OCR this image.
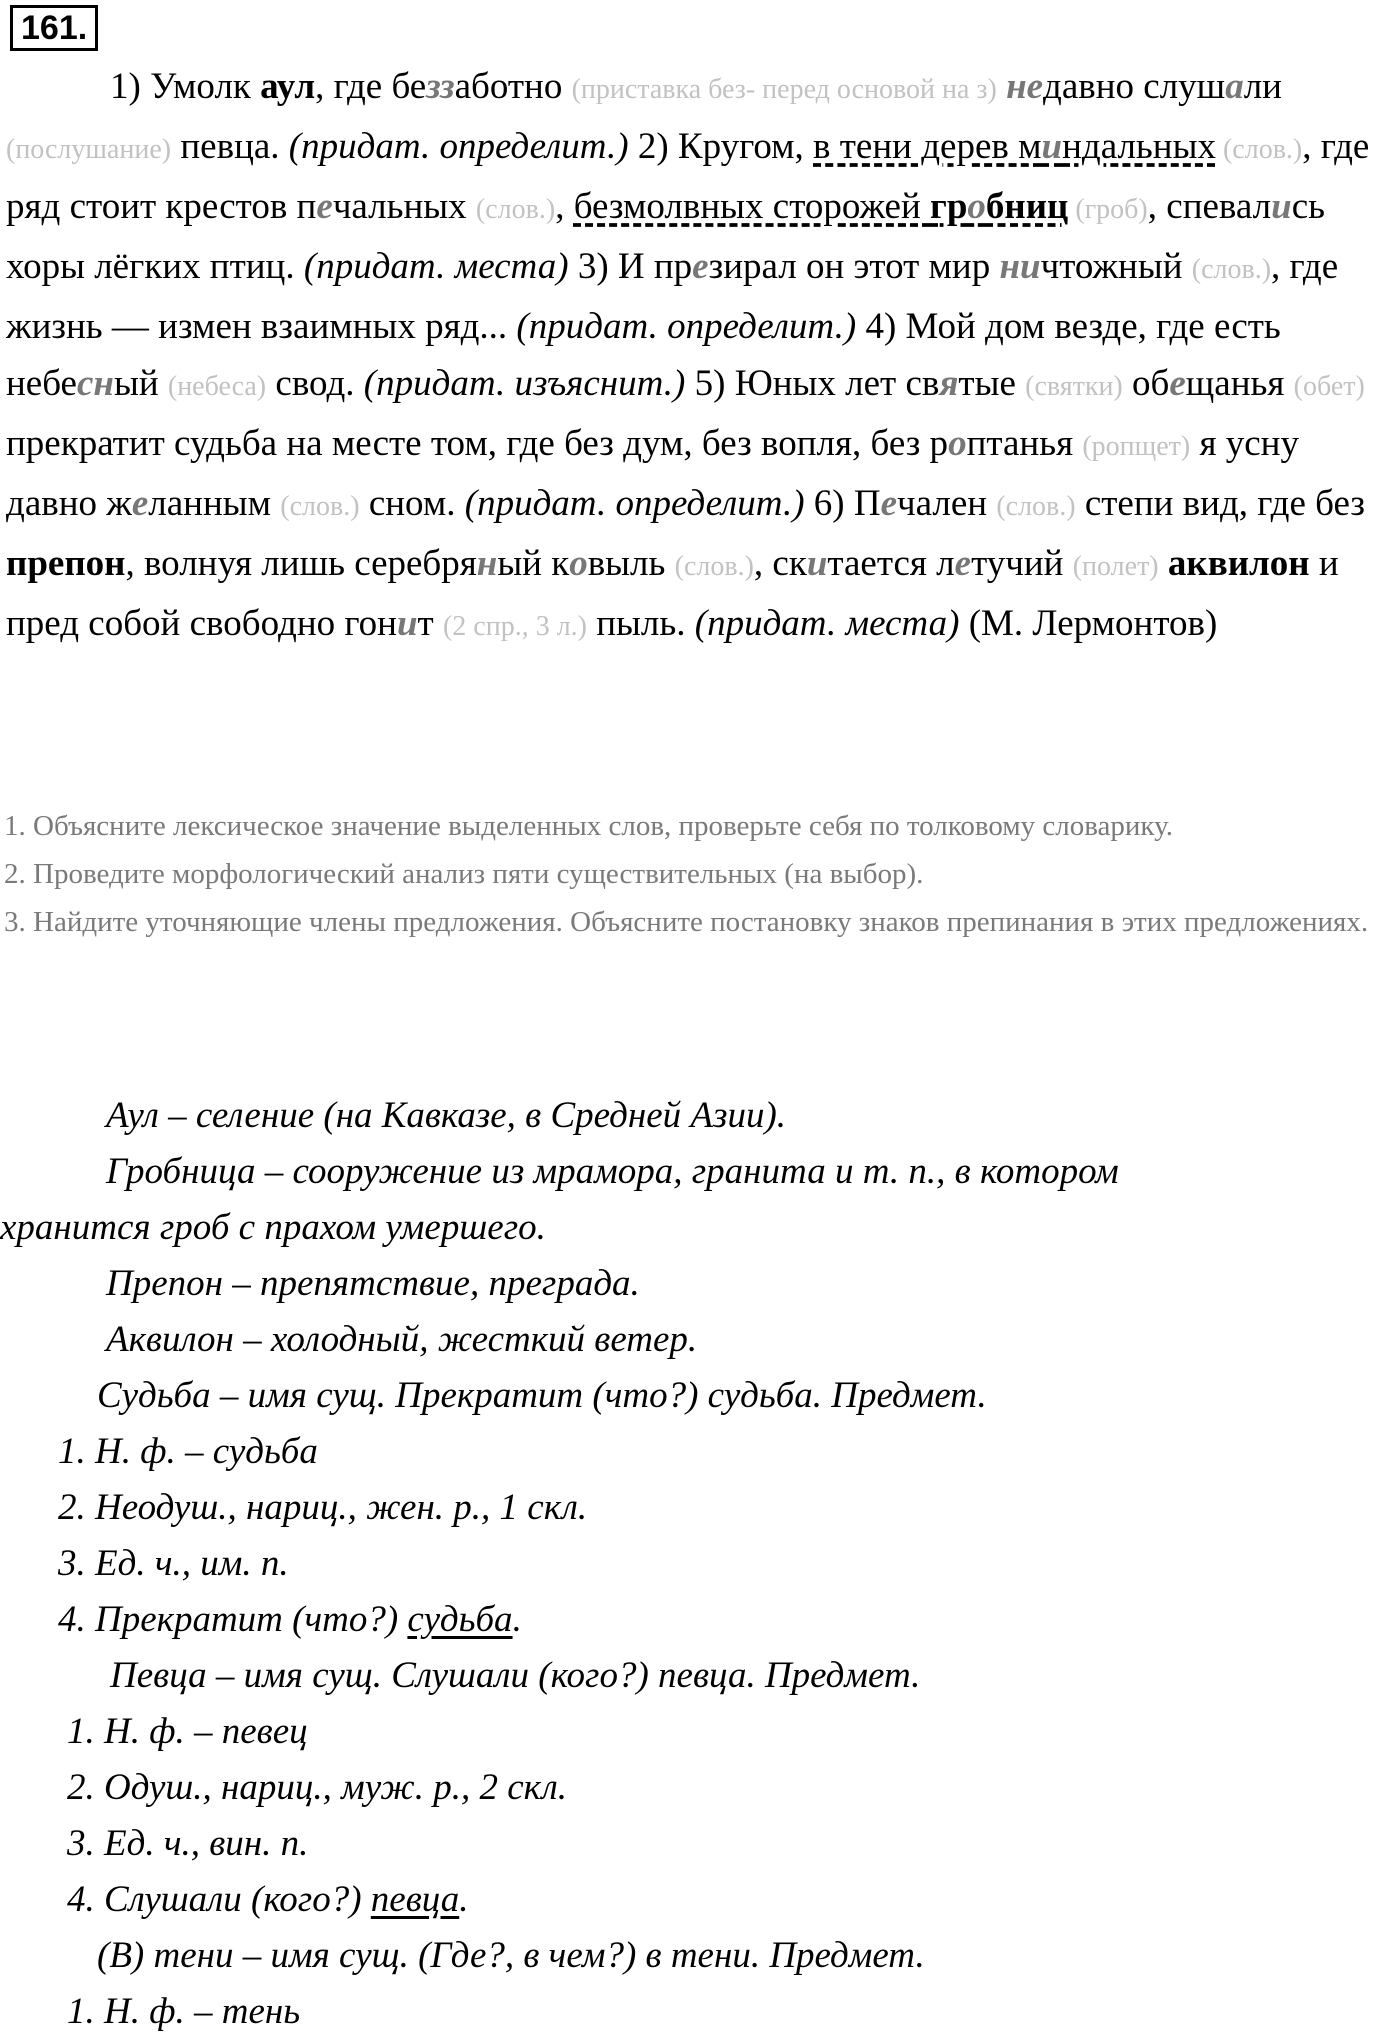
161.

1) Умолк аул, где беззаботно (приставка без- перед основой на з) недавно слушали (послушание) певца. (придат. определит.) 2) Кругом, в тени дерев миндальных (слов.), где ряд стоит крестов печальных (слов.), безмолвных сторожей гробниц (гроб), спевались хоры лёгких птиц. (придат. места) 3) И презирал он этот мир ничтожный (слов.), где жизнь — измен взаимных ряд... (придат. определит.) 4) Мой дом везде, где есть небесный (небеса) свод. (придат. изъяснит.) 5) Юных лет святые (святки) обещанья (обет) прекратит судьба на месте том, где без дум, без вопля, без роптанья (ропщет) я усну давно желанным (слов.) сном. (придат. определит.) 6) Печален (слов.) степи вид, где без препон, волнуя лишь серебряный ковыль (слов.), скитается летучий (полет) аквилон и пред собой свободно гонит (2 спр., 3 л.) пыль. (придат. места) (М. Лермонтов)

1. Объясните лексическое значение выделенных слов, проверьте себя по толковому словарику.
2. Проведите морфологический анализ пяти существительных (на выбор).
3. Найдите уточняющие члены предложения. Объясните постановку знаков препинания в этих предложениях.
Аул – селение (на Кавказе, в Средней Азии).
Гробница – сооружение из мрамора, гранита и т. п., в котором
хранится гроб с прахом умершего.
Препон – препятствие, преграда.
Аквилон – холодный, жесткий ветер.
Судьба – имя сущ. Прекратит (что?) судьба. Предмет.
1. Н. ф. – судьба
2. Неодуш., нариц., жен. р., 1 скл.
3. Ед. ч., им. п.
4. Прекратит (что?) судьба.
Певца – имя сущ. Слушали (кого?) певца. Предмет.
1. Н. ф. – певец
2. Одуш., нариц., муж. р., 2 скл.
3. Ед. ч., вин. п.
4. Слушали (кого?) певца.
(В) тени – имя сущ. (Где?, в чем?) в тени. Предмет.
1. Н. ф. – тень
